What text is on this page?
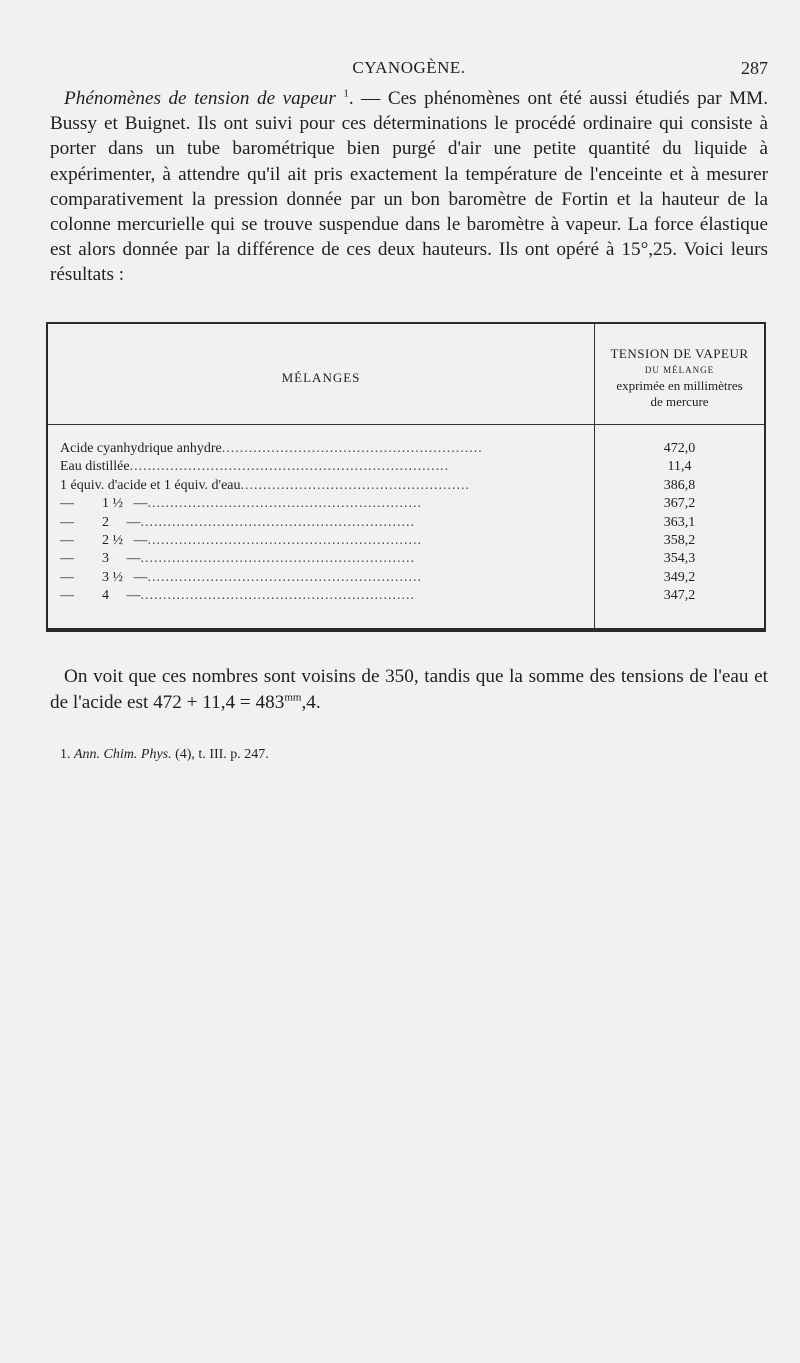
CYANOGÈNE.	287

Phénomènes de tension de vapeur $^1$. — Ces phénomènes ont été aussi étudiés par MM. Bussy et Buignet. Ils ont suivi pour ces déterminations le procédé ordinaire qui consiste à porter dans un tube barométrique bien purgé d'air une petite quantité du liquide à expérimenter, à attendre qu'il ait pris exactement la température de l'enceinte et à mesurer comparativement la pression donnée par un bon baromètre de Fortin et la hauteur de la colonne mercurielle qui se trouve suspendue dans le baromètre à vapeur. La force élastique est alors donnée par la différence de ces deux hauteurs. Ils ont opéré à 15°,25. Voici leurs résultats :

MÉLANGES
TENSION DE VAPEUR
DU MÉLANGE
exprimée en millimètres
de mercure
Acide cyanhydrique anhydre..........................................................	472,0
Eau distillée.......................................................................	11,4
1 équiv. d'acide et 1 équiv. d'eau...................................................	386,8
—        1 ½   —.............................................................	367,2
—        2     —.............................................................	363,1
—        2 ½   —.............................................................	358,2
—        3     —.............................................................	354,3
—        3 ½   —.............................................................	349,2
—        4     —.............................................................	347,2

On voit que ces nombres sont voisins de 350, tandis que la somme des tensions de l'eau et de l'acide est $472 + 11,4 = 483^{mm},4$.

1. Ann. Chim. Phys. (4), t. III. p. 247.
